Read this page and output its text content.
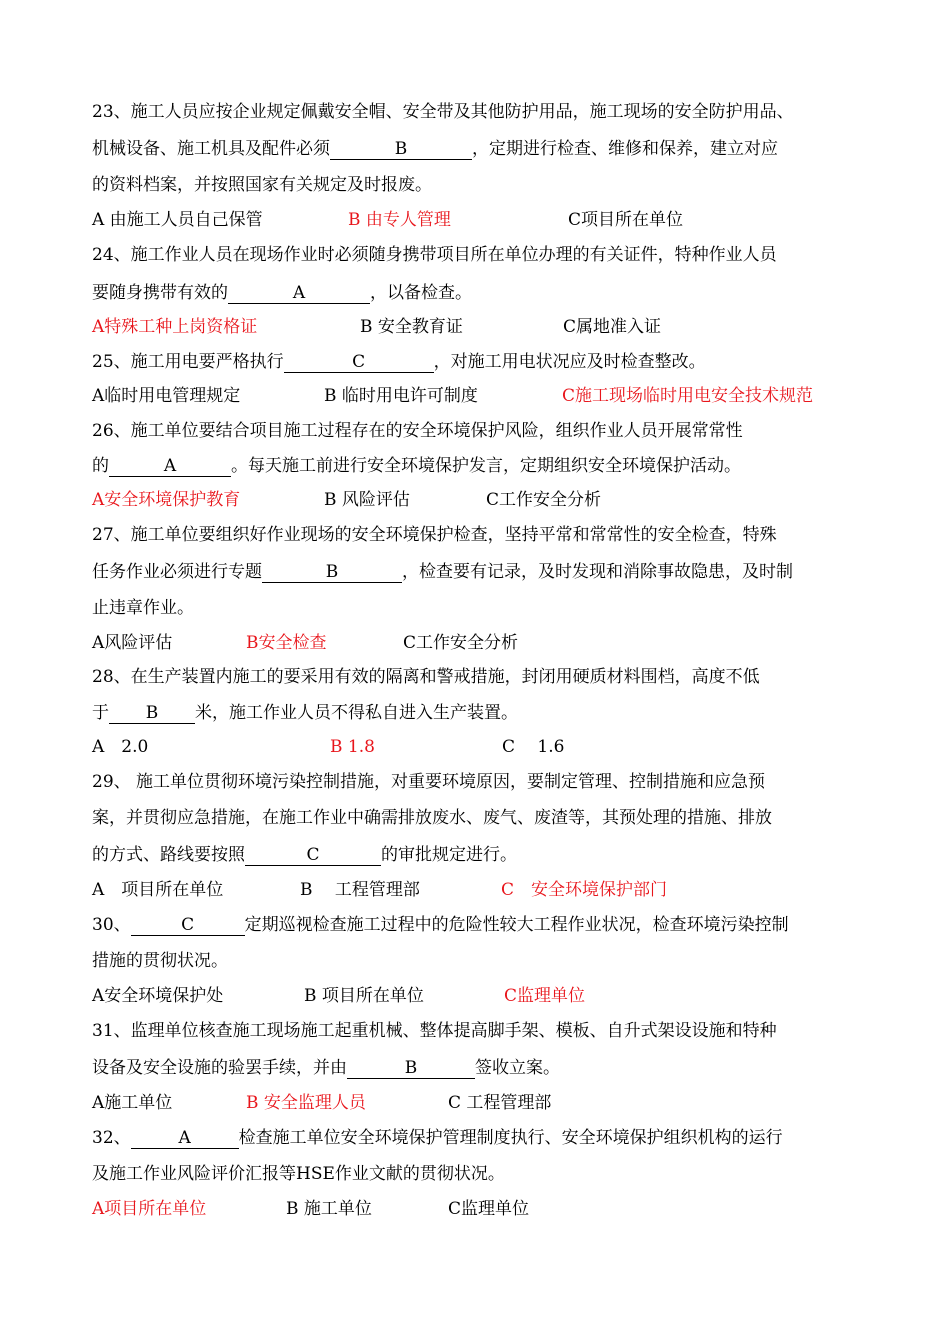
23、施工人员应按企业规定佩戴安全帽、安全带及其他防护用品，施工现场的安全防护用品、
机械设备、施工机具及配件必须	B	，定期进行检查、维修和保养，建立对应
的资料档案，并按照国家有关规定及时报废。
A 由施工人员自己保管	B 由专人管理	C项目所在单位
24、施工作业人员在现场作业时必须随身携带项目所在单位办理的有关证件，特种作业人员
要随身携带有效的	A	，以备检查。
A特殊工种上岗资格证	B 安全教育证	C属地准入证
25、施工用电要严格执行	C	，对施工用电状况应及时检查整改。
A临时用电管理规定	B 临时用电许可制度	C施工现场临时用电安全技术规范
26、施工单位要结合项目施工过程存在的安全环境保护风险，组织作业人员开展常常性
的	A	。每天施工前进行安全环境保护发言，定期组织安全环境保护活动。
A安全环境保护教育	B 风险评估	C工作安全分析
27、施工单位要组织好作业现场的安全环境保护检查，坚持平常和常常性的安全检查，特殊
任务作业必须进行专题	B	，检查要有记录，及时发现和消除事故隐患，及时制
止违章作业。
A风险评估	B安全检查	C工作安全分析
28、在生产装置内施工的要采用有效的隔离和警戒措施，封闭用硬质材料围档，高度不低
于 B 米，施工作业人员不得私自进入生产装置。
A　2.0	B 1.8	C　 1.6
29、 施工单位贯彻环境污染控制措施，对重要环境原因，要制定管理、控制措施和应急预
案，并贯彻应急措施，在施工作业中确需排放废水、废气、废渣等，其预处理的措施、排放
的方式、路线要按照	C	的审批规定进行。
A　项目所在单位	B　 工程管理部	C　安全环境保护部门
30、	C	定期巡视检查施工过程中的危险性较大工程作业状况，检查环境污染控制
措施的贯彻状况。
A安全环境保护处	B 项目所在单位	C监理单位
31、监理单位核查施工现场施工起重机械、整体提高脚手架、模板、自升式架设设施和特种
设备及安全设施的验罢手续，并由	B	签收立案。
A施工单位	B 安全监理人员	C 工程管理部
32、	A	检查施工单位安全环境保护管理制度执行、安全环境保护组织机构的运行
及施工作业风险评价汇报等HSE作业文献的贯彻状况。
A项目所在单位	B 施工单位	C监理单位
